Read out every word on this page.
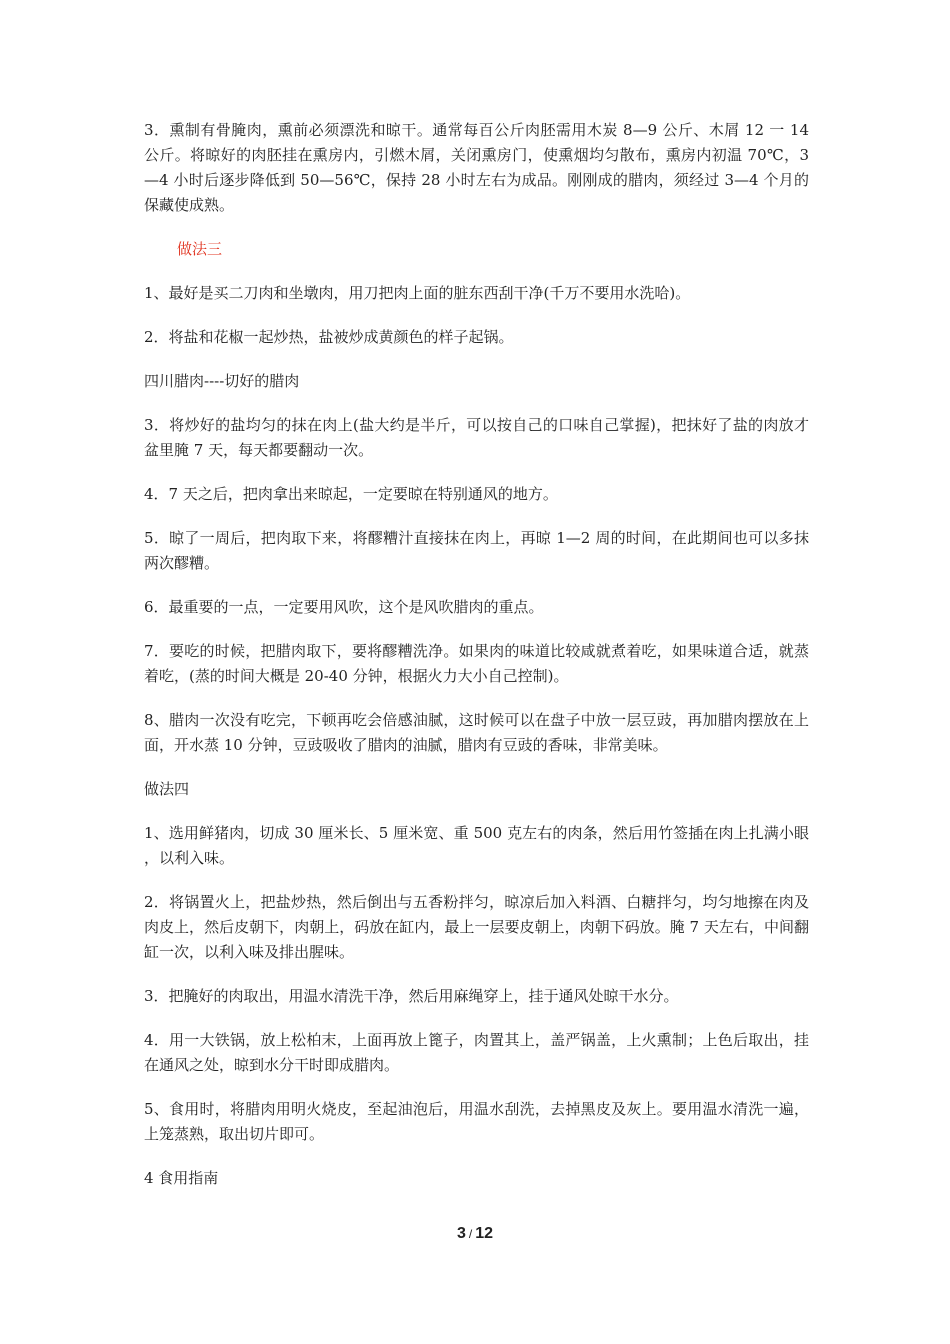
3．熏制有骨腌肉，熏前必须漂洗和晾干。通常每百公斤肉胚需用木炭 8—9 公斤、木屑 12 一 14 公斤。将晾好的肉胚挂在熏房内，引燃木屑，关闭熏房门，使熏烟均匀散布，熏房内初温 70℃，3—4 小时后逐步降低到 50—56℃，保持 28 小时左右为成品。刚刚成的腊肉，须经过 3—4 个月的保藏使成熟。

做法三

1、最好是买二刀肉和坐墩肉，用刀把肉上面的脏东西刮干净(千万不要用水洗哈)。

2．将盐和花椒一起炒热，盐被炒成黄颜色的样子起锅。

四川腊肉----切好的腊肉

3．将炒好的盐均匀的抹在肉上(盐大约是半斤，可以按自己的口味自己掌握)，把抹好了盐的肉放才盆里腌 7 天，每天都要翻动一次。

4．7 天之后，把肉拿出来晾起，一定要晾在特别通风的地方。

5．晾了一周后，把肉取下来，将醪糟汁直接抹在肉上，再晾 1—2 周的时间，在此期间也可以多抹两次醪糟。

6．最重要的一点，一定要用风吹，这个是风吹腊肉的重点。

7．要吃的时候，把腊肉取下，要将醪糟洗净。如果肉的味道比较咸就煮着吃，如果味道合适，就蒸着吃，(蒸的时间大概是 20-40 分钟，根据火力大小自己控制)。

8、腊肉一次没有吃完，下顿再吃会倍感油腻，这时候可以在盘子中放一层豆豉，再加腊肉摆放在上面，开水蒸 10 分钟，豆豉吸收了腊肉的油腻，腊肉有豆豉的香味，非常美味。

做法四

1、选用鲜猪肉，切成 30 厘米长、5 厘米宽、重 500 克左右的肉条，然后用竹签插在肉上扎满小眼 ，以利入味。

2．将锅置火上，把盐炒热，然后倒出与五香粉拌匀，晾凉后加入料酒、白糖拌匀，均匀地擦在肉及肉皮上，然后皮朝下，肉朝上，码放在缸内，最上一层要皮朝上，肉朝下码放。腌 7 天左右，中间翻缸一次，以利入味及排出腥味。

3．把腌好的肉取出，用温水清洗干净，然后用麻绳穿上，挂于通风处晾干水分。

4．用一大铁锅，放上松柏末，上面再放上篦子，肉置其上，盖严锅盖，上火熏制；上色后取出，挂在通风之处，晾到水分干时即成腊肉。

5、食用时，将腊肉用明火烧皮，至起油泡后，用温水刮洗，去掉黑皮及灰上。要用温水清洗一遍，上笼蒸熟，取出切片即可。

4 食用指南

3 / 12
